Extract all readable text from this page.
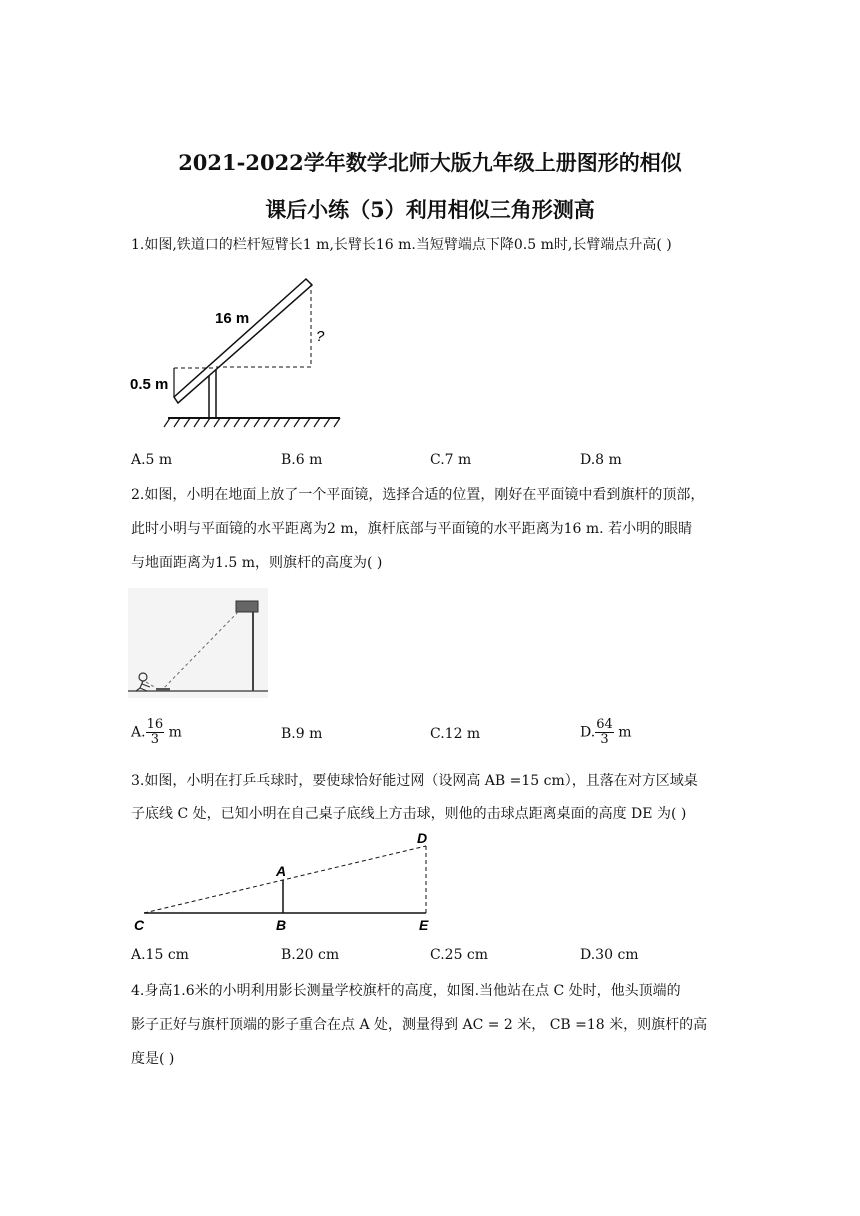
2021-2022学年数学北师大版九年级上册图形的相似
课后小练（5）利用相似三角形测高
1.如图,铁道口的栏杆短臂长1 m,长臂长16 m.当短臂端点下降0.5 m时,长臂端点升高( )
16 m
0.5 m
?
A.5 m	B.6 m	C.7 m	D.8 m
2.如图，小明在地面上放了一个平面镜，选择合适的位置，刚好在平面镜中看到旗杆的顶部，
此时小明与平面镜的水平距离为2 m，旗杆底部与平面镜的水平距离为16 m. 若小明的眼睛
与地面距离为1.5 m，则旗杆的高度为( )
A. $\frac{16}{3}$ m	B.9 m	C.12 m	D. $\frac{64}{3}$ m
3.如图，小明在打乒乓球时，要使球恰好能过网（设网高 AB =15 cm），且落在对方区域桌
子底线 C 处，已知小明在自己桌子底线上方击球，则他的击球点距离桌面的高度 DE 为( )
C	B
A
D
E
A.15 cm	B.20 cm	C.25 cm	D.30 cm
4.身高1.6米的小明利用影长测量学校旗杆的高度，如图.当他站在点 C 处时，他头顶端的
影子正好与旗杆顶端的影子重合在点 A 处，测量得到 AC = 2 米， CB =18 米，则旗杆的高
度是( )
